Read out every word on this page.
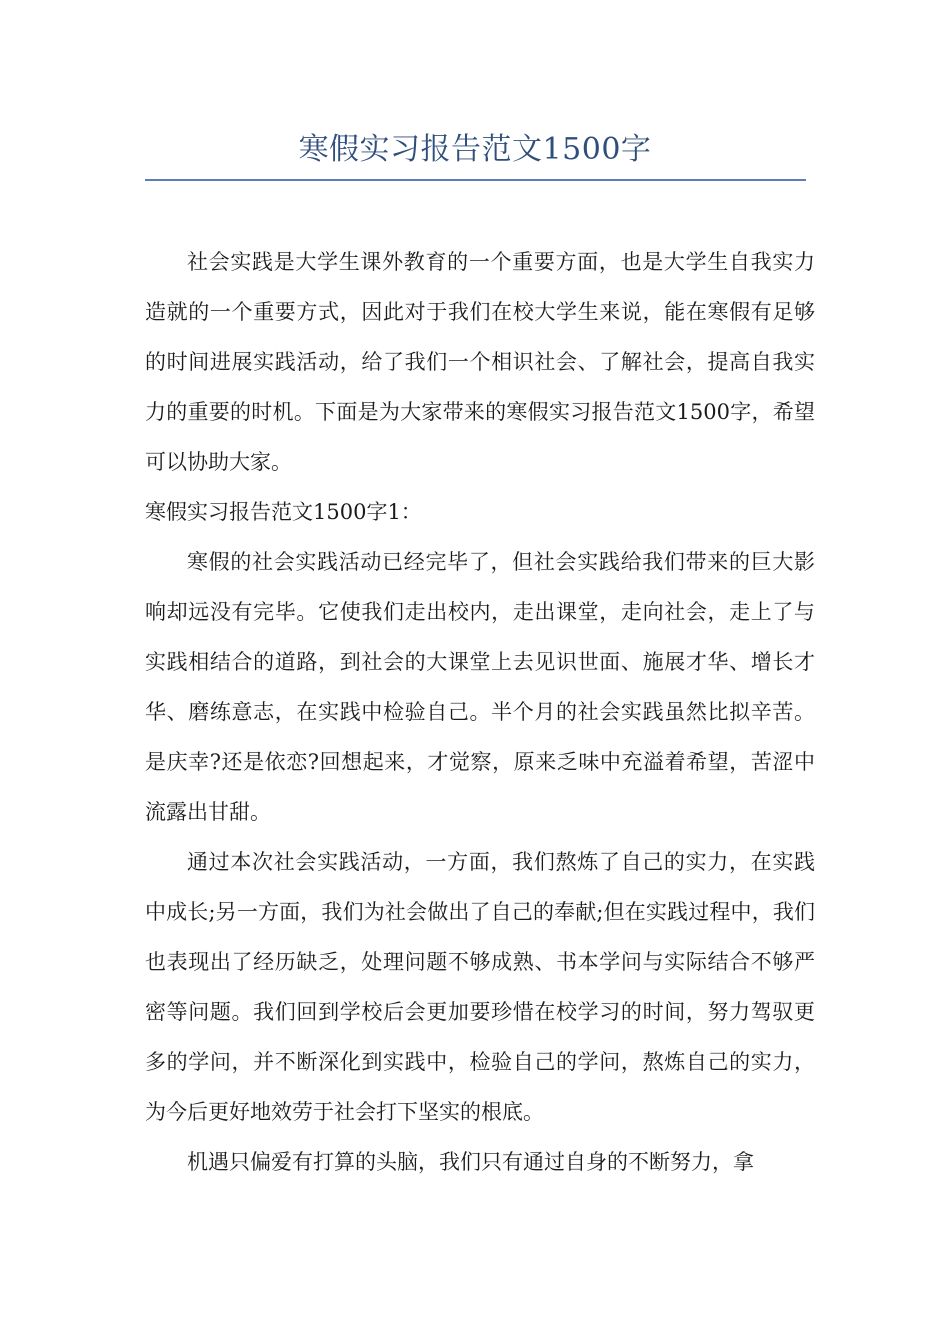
寒假实习报告范文1500字

社会实践是大学生课外教育的一个重要方面，也是大学生自我实力造就的一个重要方式，因此对于我们在校大学生来说，能在寒假有足够的时间进展实践活动，给了我们一个相识社会、了解社会，提高自我实力的重要的时机。下面是为大家带来的寒假实习报告范文1500字，希望可以协助大家。

寒假实习报告范文1500字1：

寒假的社会实践活动已经完毕了，但社会实践给我们带来的巨大影响却远没有完毕。它使我们走出校内，走出课堂，走向社会，走上了与实践相结合的道路，到社会的大课堂上去见识世面、施展才华、增长才华、磨练意志，在实践中检验自己。半个月的社会实践虽然比拟辛苦。是庆幸?还是依恋?回想起来，才觉察，原来乏味中充溢着希望，苦涩中流露出甘甜。

通过本次社会实践活动，一方面，我们熬炼了自己的实力，在实践中成长;另一方面，我们为社会做出了自己的奉献;但在实践过程中，我们也表现出了经历缺乏，处理问题不够成熟、书本学问与实际结合不够严密等问题。我们回到学校后会更加要珍惜在校学习的时间，努力驾驭更多的学问，并不断深化到实践中，检验自己的学问，熬炼自己的实力，为今后更好地效劳于社会打下坚实的根底。

机遇只偏爱有打算的头脑，我们只有通过自身的不断努力，拿
